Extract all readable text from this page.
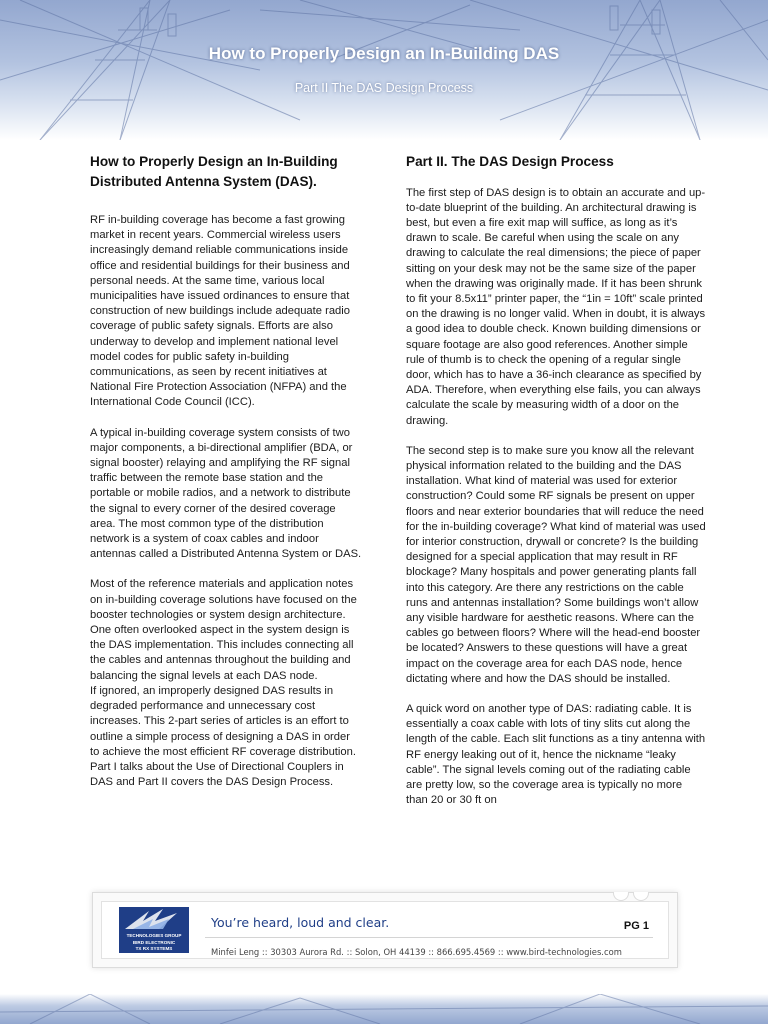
How to Properly Design an In-Building DAS
Part II The DAS Design Process
How to Properly Design an In-Building Distributed Antenna System (DAS).

RF in-building coverage has become a fast growing market in recent years. Commercial wireless users increasingly demand reliable communications inside office and residential buildings for their business and personal needs. At the same time, various local municipalities have issued ordinances to ensure that construction of new buildings include adequate radio coverage of public safety signals. Efforts are also underway to develop and implement national level model codes for public safety in-building communications, as seen by recent initiatives at National Fire Protection Association (NFPA) and the International Code Council (ICC).

A typical in-building coverage system consists of two major components, a bi-directional amplifier (BDA, or signal booster) relaying and amplifying the RF signal traffic between the remote base station and the portable or mobile radios, and a network to distribute the signal to every corner of the desired coverage area. The most common type of the distribution network is a system of coax cables and indoor antennas called a Distributed Antenna System or DAS.

Most of the reference materials and application notes on in-building coverage solutions have focused on the booster technologies or system design architecture. One often overlooked aspect in the system design is the DAS implementation. This includes connecting all the cables and antennas throughout the building and balancing the signal levels at each DAS node.

If ignored, an improperly designed DAS results in degraded performance and unnecessary cost increases. This 2-part series of articles is an effort to outline a simple process of designing a DAS in order to achieve the most efficient RF coverage distribution. Part I talks about the Use of Directional Couplers in DAS and Part II covers the DAS Design Process.

Part II. The DAS Design Process

The first step of DAS design is to obtain an accurate and up-to-date blueprint of the building. An architectural drawing is best, but even a fire exit map will suffice, as long as it’s drawn to scale. Be careful when using the scale on any drawing to calculate the real dimensions; the piece of paper sitting on your desk may not be the same size of the paper when the drawing was originally made. If it has been shrunk to fit your 8.5x11” printer paper, the “1in = 10ft” scale printed on the drawing is no longer valid. When in doubt, it is always a good idea to double check. Known building dimensions or square footage are also good references. Another simple rule of thumb is to check the opening of a regular single door, which has to have a 36-inch clearance as specified by ADA. Therefore, when everything else fails, you can always calculate the scale by measuring width of a door on the drawing.

The second step is to make sure you know all the relevant physical information related to the building and the DAS installation. What kind of material was used for exterior construction? Could some RF signals be present on upper floors and near exterior boundaries that will reduce the need for the in-building coverage? What kind of material was used for interior construction, drywall or concrete? Is the building designed for a special application that may result in RF blockage? Many hospitals and power generating plants fall into this category. Are there any restrictions on the cable runs and antennas installation? Some buildings won’t allow any visible hardware for aesthetic reasons. Where can the cables go between floors? Where will the head-end booster be located? Answers to these questions will have a great impact on the coverage area for each DAS node, hence dictating where and how the DAS should be installed.

A quick word on another type of DAS: radiating cable. It is essentially a coax cable with lots of tiny slits cut along the length of the cable. Each slit functions as a tiny antenna with RF energy leaking out of it, hence the nickname “leaky cable”. The signal levels coming out of the radiating cable are pretty low, so the coverage area is typically no more than 20 or 30 ft on

TECHNOLOGIES GROUP
BIRD ELECTRONIC
TX RX SYSTEMS
You’re heard, loud and clear.	PG 1
Minfei Leng :: 30303 Aurora Rd. :: Solon, OH 44139 :: 866.695.4569 :: www.bird-technologies.com
